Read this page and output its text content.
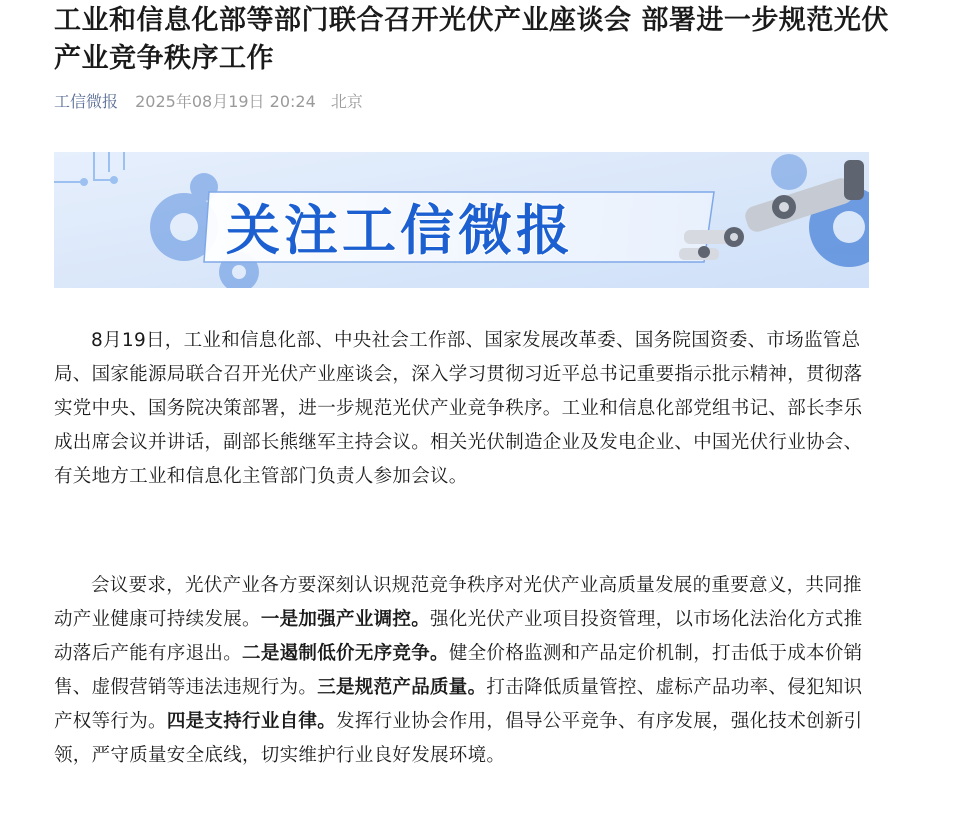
工业和信息化部等部门联合召开光伏产业座谈会 部署进一步规范光伏产业竞争秩序工作
工信微报 2025年08月19日 20:24 北京
关注工信微报

8月19日，工业和信息化部、中央社会工作部、国家发展改革委、国务院国资委、市场监管总局、国家能源局联合召开光伏产业座谈会，深入学习贯彻习近平总书记重要指示批示精神，贯彻落实党中央、国务院决策部署，进一步规范光伏产业竞争秩序。工业和信息化部党组书记、部长李乐成出席会议并讲话，副部长熊继军主持会议。相关光伏制造企业及发电企业、中国光伏行业协会、有关地方工业和信息化主管部门负责人参加会议。

会议要求，光伏产业各方要深刻认识规范竞争秩序对光伏产业高质量发展的重要意义，共同推动产业健康可持续发展。一是加强产业调控。强化光伏产业项目投资管理，以市场化法治化方式推动落后产能有序退出。二是遏制低价无序竞争。健全价格监测和产品定价机制，打击低于成本价销售、虚假营销等违法违规行为。三是规范产品质量。打击降低质量管控、虚标产品功率、侵犯知识产权等行为。四是支持行业自律。发挥行业协会作用，倡导公平竞争、有序发展，强化技术创新引领，严守质量安全底线，切实维护行业良好发展环境。
